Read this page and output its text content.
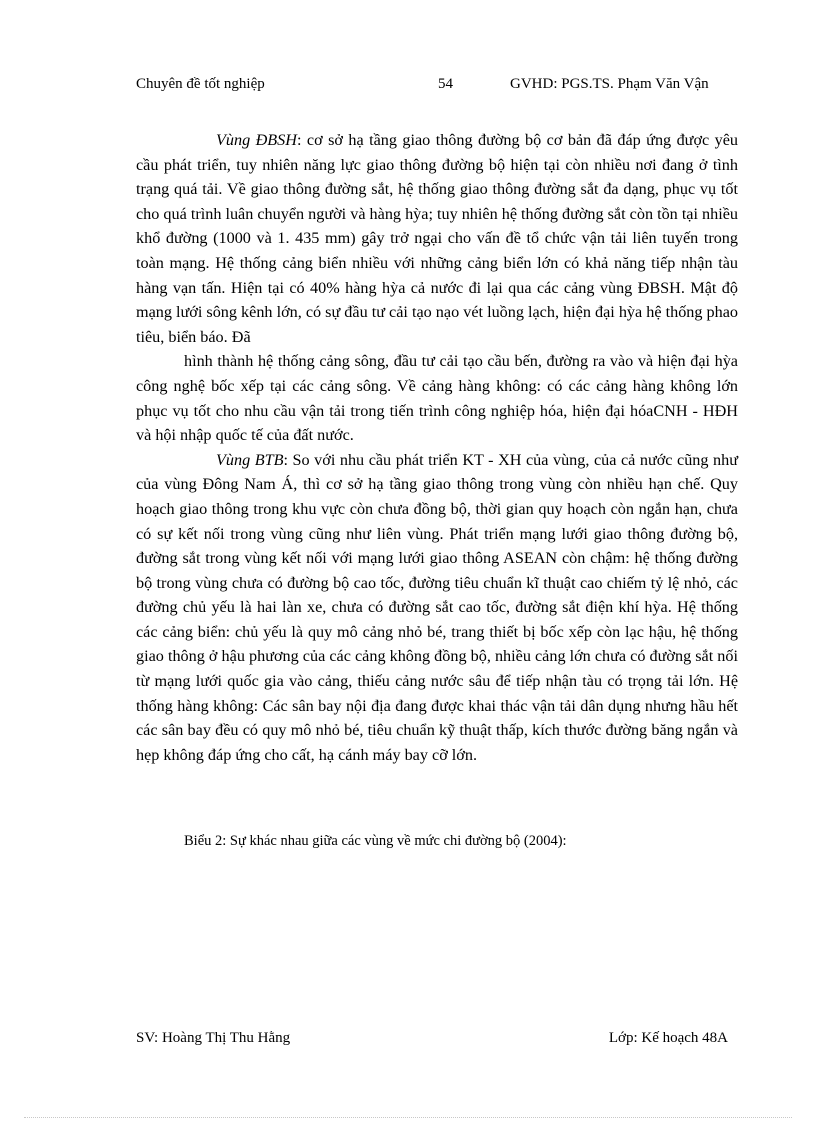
Chuyên đề tốt nghiệp	54	GVHD: PGS.TS. Phạm Văn Vận

Vùng ĐBSH: cơ sở hạ tầng giao thông đường bộ cơ bản đã đáp ứng được yêu cầu phát triển, tuy nhiên năng lực giao thông đường bộ hiện tại còn nhiều nơi đang ở tình trạng quá tải. Về giao thông đường sắt, hệ thống giao thông đường sắt đa dạng, phục vụ tốt cho quá trình luân chuyển người và hàng hỳa; tuy nhiên hệ thống đường sắt còn tồn tại nhiều khổ đường (1000 và 1. 435 mm) gây trở ngại cho vấn đề tổ chức vận tải liên tuyến trong toàn mạng. Hệ thống cảng biển nhiều với những cảng biển lớn có khả năng tiếp nhận tàu hàng vạn tấn. Hiện tại có 40% hàng hỳa cả nước đi lại qua các cảng vùng ĐBSH. Mật độ mạng lưới sông kênh lớn, có sự đầu tư cải tạo nạo vét luồng lạch, hiện đại hỳa hệ thống phao tiêu, biển báo. Đã

hình thành hệ thống cảng sông, đầu tư cải tạo cầu bến, đường ra vào và hiện đại hỳa công nghệ bốc xếp tại các cảng sông. Về cảng hàng không: có các cảng hàng không lớn phục vụ tốt cho nhu cầu vận tải trong tiến trình công nghiệp hóa, hiện đại hóaCNH - HĐH và hội nhập quốc tế của đất nước.

Vùng BTB: So với nhu cầu phát triển KT - XH của vùng, của cả nước cũng như của vùng Đông Nam Á, thì cơ sở hạ tầng giao thông trong vùng còn nhiều hạn chế. Quy hoạch giao thông trong khu vực còn chưa đồng bộ, thời gian quy hoạch còn ngắn hạn, chưa có sự kết nối trong vùng cũng như liên vùng. Phát triển mạng lưới giao thông đường bộ, đường sắt trong vùng kết nối với mạng lưới giao thông ASEAN còn chậm: hệ thống đường bộ trong vùng chưa có đường bộ cao tốc, đường tiêu chuẩn kĩ thuật cao chiếm tỷ lệ nhỏ, các đường chủ yếu là hai làn xe, chưa có đường sắt cao tốc, đường sắt điện khí hỳa. Hệ thống các cảng biển: chủ yếu là quy mô cảng nhỏ bé, trang thiết bị bốc xếp còn lạc hậu, hệ thống giao thông ở hậu phương của các cảng không đồng bộ, nhiều cảng lớn chưa có đường sắt nối từ mạng lưới quốc gia vào cảng, thiếu cảng nước sâu để tiếp nhận tàu có trọng tải lớn. Hệ thống hàng không: Các sân bay nội địa đang được khai thác vận tải dân dụng nhưng hầu hết các sân bay đều có quy mô nhỏ bé, tiêu chuẩn kỹ thuật thấp, kích thước đường băng ngắn và hẹp không đáp ứng cho cất, hạ cánh máy bay cỡ lớn.

Biểu 2: Sự khác nhau giữa các vùng về mức chi đường bộ (2004):
SV: Hoàng Thị Thu Hằng	Lớp: Kế hoạch 48A
